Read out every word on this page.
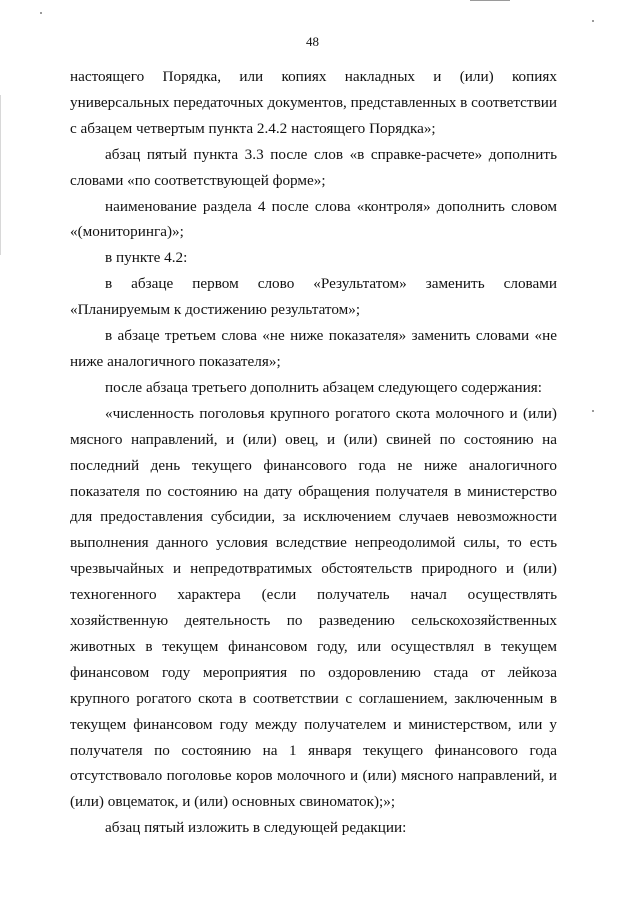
48

настоящего Порядка, или копиях накладных и (или) копиях универсальных передаточных документов, представленных в соответствии с абзацем четвертым пункта 2.4.2 настоящего Порядка»;

абзац пятый пункта 3.3 после слов «в справке-расчете» дополнить словами «по соответствующей форме»;

наименование раздела 4 после слова «контроля» дополнить словом «(мониторинга)»;

в пункте 4.2:

в абзаце первом слово «Результатом» заменить словами «Планируемым к достижению результатом»;

в абзаце третьем слова «не ниже показателя» заменить словами «не ниже аналогичного показателя»;

после абзаца третьего дополнить абзацем следующего содержания:

«численность поголовья крупного рогатого скота молочного и (или) мясного направлений, и (или) овец, и (или) свиней по состоянию на последний день текущего финансового года не ниже аналогичного показателя по состоянию на дату обращения получателя в министерство для предоставления субсидии, за исключением случаев невозможности выполнения данного условия вследствие непреодолимой силы, то есть чрезвычайных и непредотвратимых обстоятельств природного и (или) техногенного характера (если получатель начал осуществлять хозяйственную деятельность по разведению сельскохозяйственных животных в текущем финансовом году, или осуществлял в текущем финансовом году мероприятия по оздоровлению стада от лейкоза крупного рогатого скота в соответствии с соглашением, заключенным в текущем финансовом году между получателем и министерством, или у получателя по состоянию на 1 января текущего финансового года отсутствовало поголовье коров молочного и (или) мясного направлений, и (или) овцематок, и (или) основных свиноматок);»;

абзац пятый изложить в следующей редакции:
